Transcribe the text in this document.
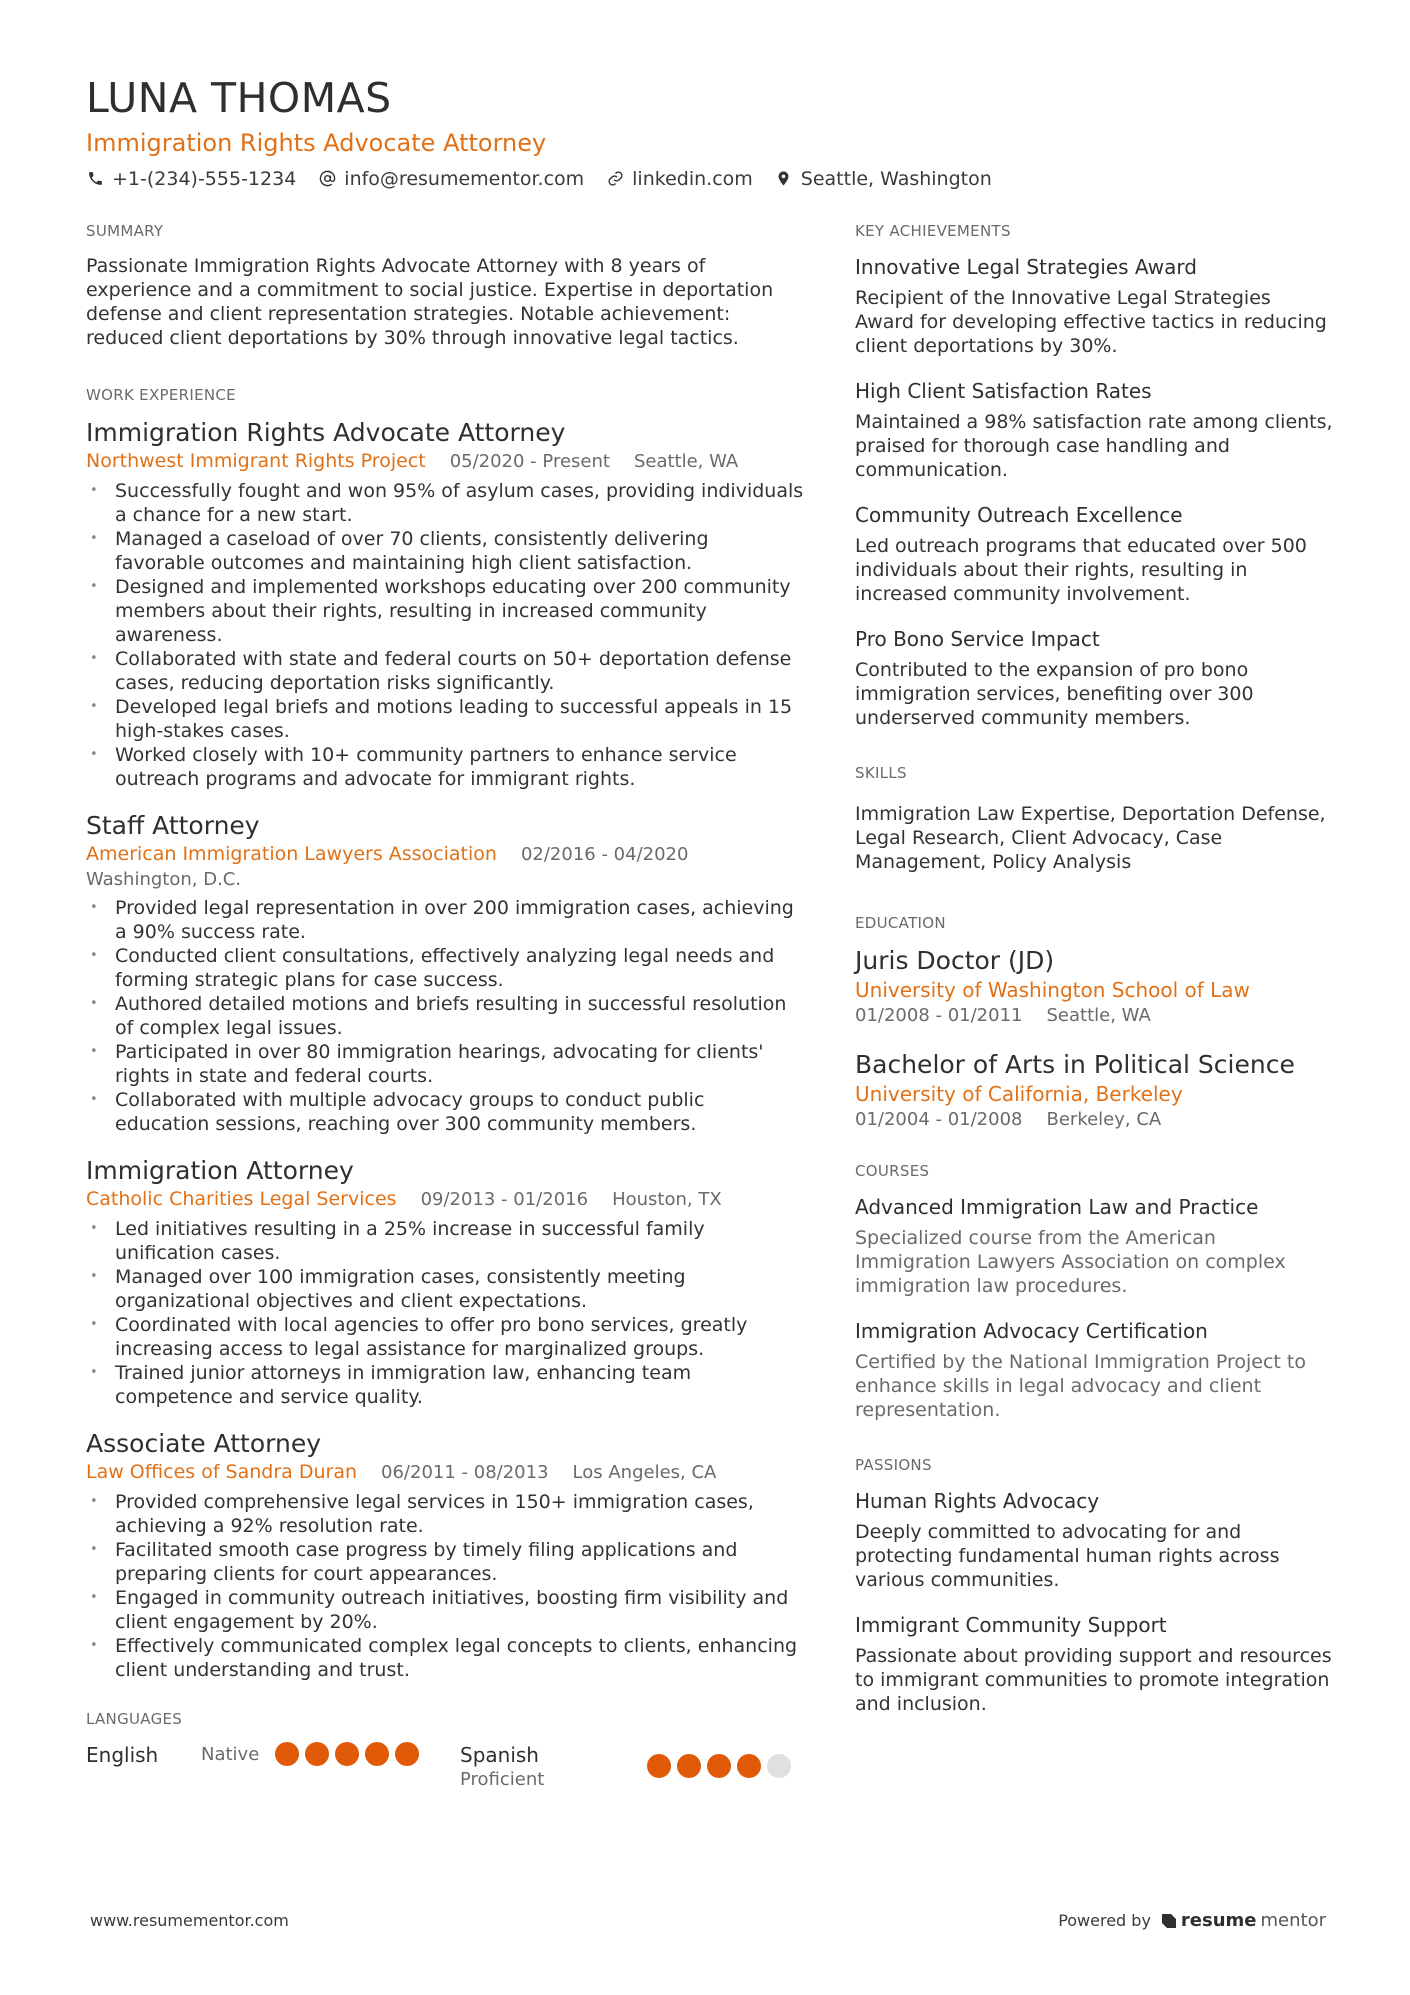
LUNA THOMAS
Immigration Rights Advocate Attorney
+1-(234)-555-1234	info@resumementor.com	linkedin.com	Seattle, Washington
SUMMARY

Passionate Immigration Rights Advocate Attorney with 8 years of experience and a commitment to social justice. Expertise in deportation defense and client representation strategies. Notable achievement: reduced client deportations by 30% through innovative legal tactics.

WORK EXPERIENCE
Immigration Rights Advocate Attorney
Northwest Immigrant Rights Project 05/2020 - Present Seattle, WA
• Successfully fought and won 95% of asylum cases, providing individuals a chance for a new start.
• Managed a caseload of over 70 clients, consistently delivering favorable outcomes and maintaining high client satisfaction.
• Designed and implemented workshops educating over 200 community members about their rights, resulting in increased community awareness.
• Collaborated with state and federal courts on 50+ deportation defense cases, reducing deportation risks significantly.
• Developed legal briefs and motions leading to successful appeals in 15 high-stakes cases.
• Worked closely with 10+ community partners to enhance service outreach programs and advocate for immigrant rights.
Staff Attorney
American Immigration Lawyers Association 02/2016 - 04/2020
Washington, D.C.
• Provided legal representation in over 200 immigration cases, achieving a 90% success rate.
• Conducted client consultations, effectively analyzing legal needs and forming strategic plans for case success.
• Authored detailed motions and briefs resulting in successful resolution of complex legal issues.
• Participated in over 80 immigration hearings, advocating for clients' rights in state and federal courts.
• Collaborated with multiple advocacy groups to conduct public education sessions, reaching over 300 community members.
Immigration Attorney
Catholic Charities Legal Services 09/2013 - 01/2016 Houston, TX
• Led initiatives resulting in a 25% increase in successful family unification cases.
• Managed over 100 immigration cases, consistently meeting organizational objectives and client expectations.
• Coordinated with local agencies to offer pro bono services, greatly increasing access to legal assistance for marginalized groups.
• Trained junior attorneys in immigration law, enhancing team competence and service quality.
Associate Attorney
Law Offices of Sandra Duran 06/2011 - 08/2013 Los Angeles, CA
• Provided comprehensive legal services in 150+ immigration cases, achieving a 92% resolution rate.
• Facilitated smooth case progress by timely filing applications and preparing clients for court appearances.
• Engaged in community outreach initiatives, boosting firm visibility and client engagement by 20%.
• Effectively communicated complex legal concepts to clients, enhancing client understanding and trust.
LANGUAGES
English	Native	Spanish
Proficient
KEY ACHIEVEMENTS
Innovative Legal Strategies Award

Recipient of the Innovative Legal Strategies Award for developing effective tactics in reducing client deportations by 30%.

High Client Satisfaction Rates

Maintained a 98% satisfaction rate among clients, praised for thorough case handling and communication.

Community Outreach Excellence

Led outreach programs that educated over 500 individuals about their rights, resulting in increased community involvement.

Pro Bono Service Impact

Contributed to the expansion of pro bono immigration services, benefiting over 300 underserved community members.

SKILLS

Immigration Law Expertise, Deportation Defense, Legal Research, Client Advocacy, Case Management, Policy Analysis

EDUCATION
Juris Doctor (JD)
University of Washington School of Law
01/2008 - 01/2011 Seattle, WA
Bachelor of Arts in Political Science
University of California, Berkeley
01/2004 - 01/2008 Berkeley, CA
COURSES
Advanced Immigration Law and Practice

Specialized course from the American Immigration Lawyers Association on complex immigration law procedures.

Immigration Advocacy Certification

Certified by the National Immigration Project to enhance skills in legal advocacy and client representation.

PASSIONS
Human Rights Advocacy

Deeply committed to advocating for and protecting fundamental human rights across various communities.

Immigrant Community Support

Passionate about providing support and resources to immigrant communities to promote integration and inclusion.

www.resumementor.com	Powered by resume mentor
